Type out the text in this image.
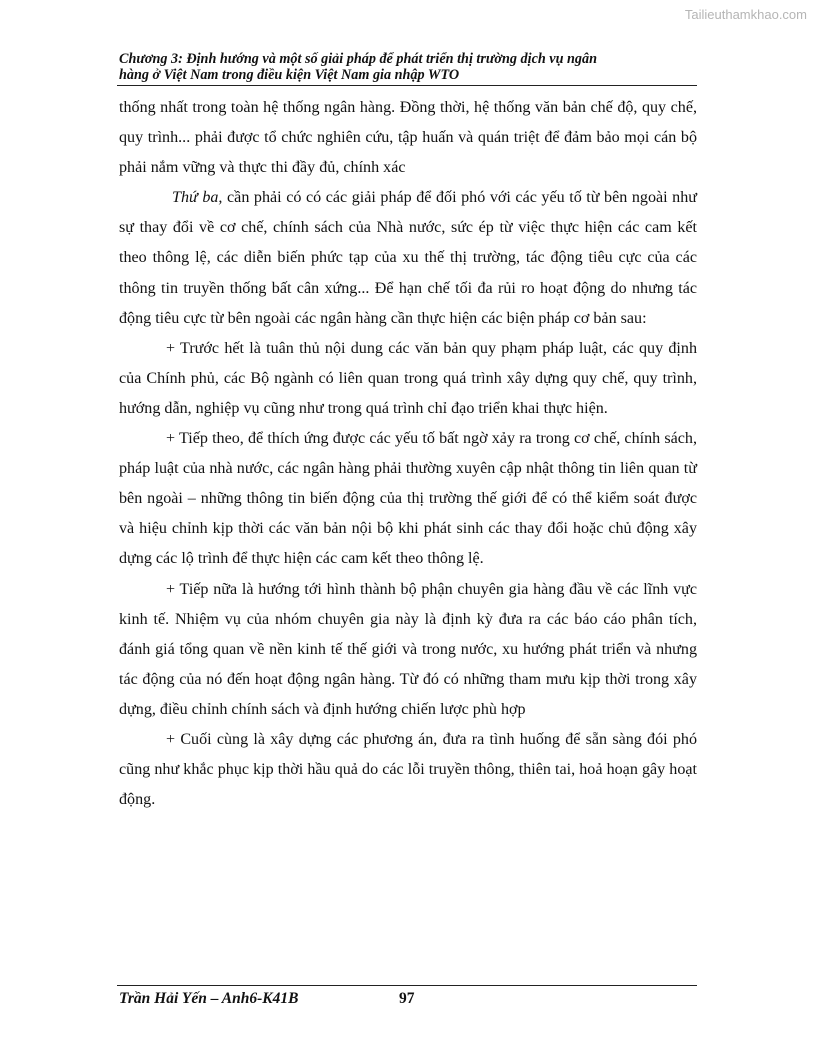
Tailieuthamkhao.com
Chương 3: Định hướng và một số giải pháp để phát triển thị trường dịch vụ ngân
hàng ở Việt Nam trong điều kiện Việt Nam gia nhập WTO

thống nhất trong toàn hệ thống ngân hàng. Đồng thời, hệ thống văn bản chế độ, quy chế, quy trình... phải được tổ chức nghiên cứu, tập huấn và quán triệt để đảm bảo mọi cán bộ phải nắm vững và thực thi đầy đủ, chính xác

Thứ ba, cần phải có có các giải pháp để đối phó với các yếu tố từ bên ngoài như sự thay đổi về cơ chế, chính sách của Nhà nước, sức ép từ việc thực hiện các cam kết theo thông lệ, các diễn biến phức tạp của xu thế thị trường, tác động tiêu cực của các thông tin truyền thống bất cân xứng... Để hạn chế tối đa rủi ro hoạt động do nhưng tác động tiêu cực từ bên ngoài các ngân hàng cần thực hiện các biện pháp cơ bản sau:

+ Trước hết là tuân thủ nội dung các văn bản quy phạm pháp luật, các quy định của Chính phủ, các Bộ ngành có liên quan trong quá trình xây dựng quy chế, quy trình, hướng dẫn, nghiệp vụ cũng như trong quá trình chỉ đạo triển khai thực hiện.

+ Tiếp theo, để thích ứng được các yếu tố bất ngờ xảy ra trong cơ chế, chính sách, pháp luật của nhà nước, các ngân hàng phải thường xuyên cập nhật thông tin liên quan từ bên ngoài – những thông tin biến động của thị trường thế giới để có thể kiểm soát được và hiệu chỉnh kịp thời các văn bản nội bộ khi phát sinh các thay đổi hoặc chủ động xây dựng các lộ trình để thực hiện các cam kết theo thông lệ.

+ Tiếp nữa là hướng tới hình thành bộ phận chuyên gia hàng đầu về các lĩnh vực kinh tế. Nhiệm vụ của nhóm chuyên gia này là định kỳ đưa ra các báo cáo phân tích, đánh giá tổng quan về nền kinh tế thế giới và trong nước, xu hướng phát triển và nhưng tác động của nó đến hoạt động ngân hàng. Từ đó có những tham mưu kịp thời trong xây dựng, điều chỉnh chính sách và định hướng chiến lược phù hợp

+ Cuối cùng là xây dựng các phương án, đưa ra tình huống để sẵn sàng đói phó cũng như khắc phục kịp thời hầu quả do các lỗi truyền thông, thiên tai, hoả hoạn gây hoạt động.

Trần Hải Yến – Anh6-K41B	97
